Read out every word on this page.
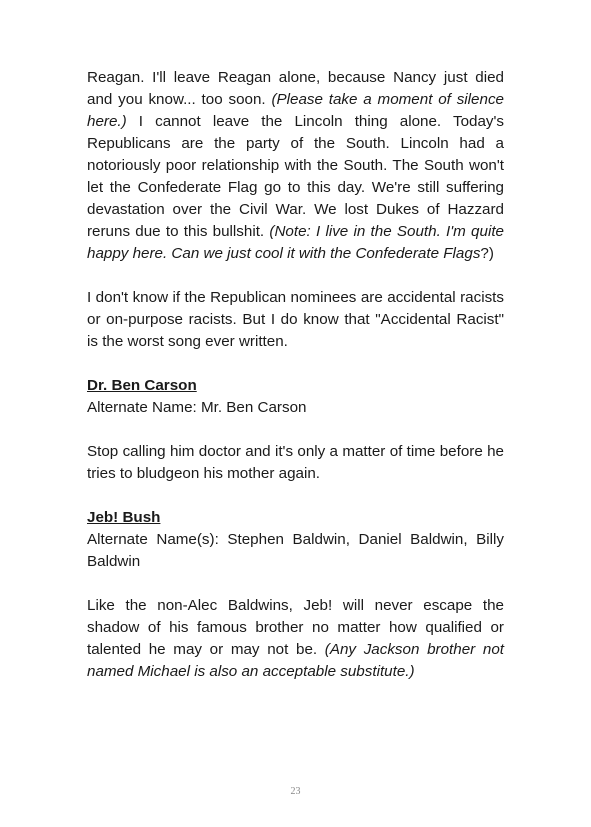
Reagan. I'll leave Reagan alone, because Nancy just died and you know... too soon. (Please take a moment of silence here.) I cannot leave the Lincoln thing alone. Today's Republicans are the party of the South. Lincoln had a notoriously poor relationship with the South. The South won't let the Confederate Flag go to this day. We're still suffering devastation over the Civil War. We lost Dukes of Hazzard reruns due to this bullshit. (Note: I live in the South. I'm quite happy here. Can we just cool it with the Confederate Flags?)

I don't know if the Republican nominees are accidental racists or on-purpose racists. But I do know that "Accidental Racist" is the worst song ever written.

Dr. Ben Carson

Alternate Name: Mr. Ben Carson

Stop calling him doctor and it's only a matter of time before he tries to bludgeon his mother again.

Jeb! Bush

Alternate Name(s): Stephen Baldwin, Daniel Baldwin, Billy Baldwin

Like the non-Alec Baldwins, Jeb! will never escape the shadow of his famous brother no matter how qualified or talented he may or may not be. (Any Jackson brother not named Michael is also an acceptable substitute.)

23
